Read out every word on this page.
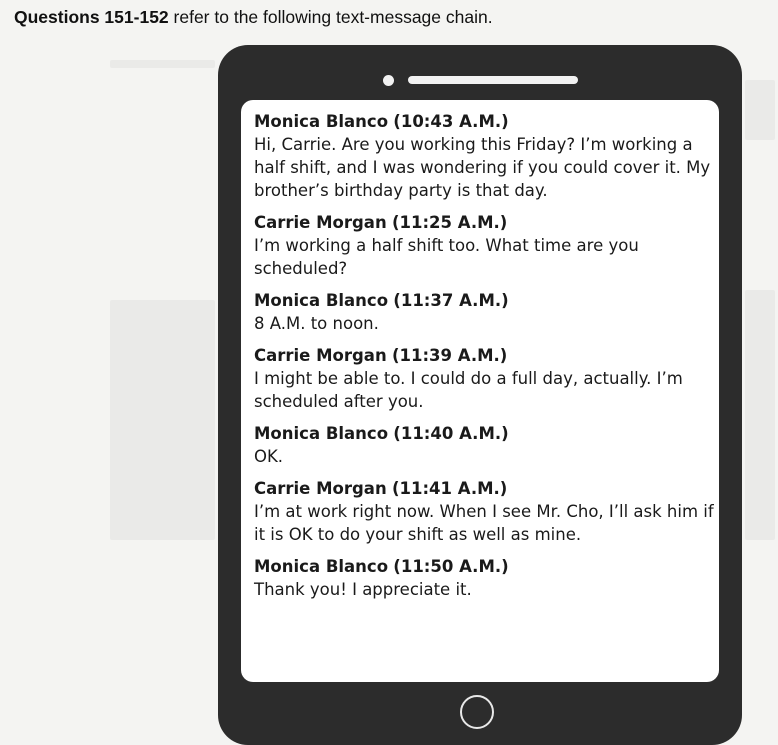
Questions 151-152 refer to the following text-message chain.
Monica Blanco (10:43 A.M.)
Hi, Carrie. Are you working this Friday? I’m working a half shift, and I was wondering if you could cover it. My brother’s birthday party is that day.
Carrie Morgan (11:25 A.M.)
I’m working a half shift too. What time are you scheduled?
Monica Blanco (11:37 A.M.)
8 A.M. to noon.
Carrie Morgan (11:39 A.M.)
I might be able to. I could do a full day, actually. I’m scheduled after you.
Monica Blanco (11:40 A.M.)
OK.
Carrie Morgan (11:41 A.M.)
I’m at work right now. When I see Mr. Cho, I’ll ask him if it is OK to do your shift as well as mine.
Monica Blanco (11:50 A.M.)
Thank you! I appreciate it.
